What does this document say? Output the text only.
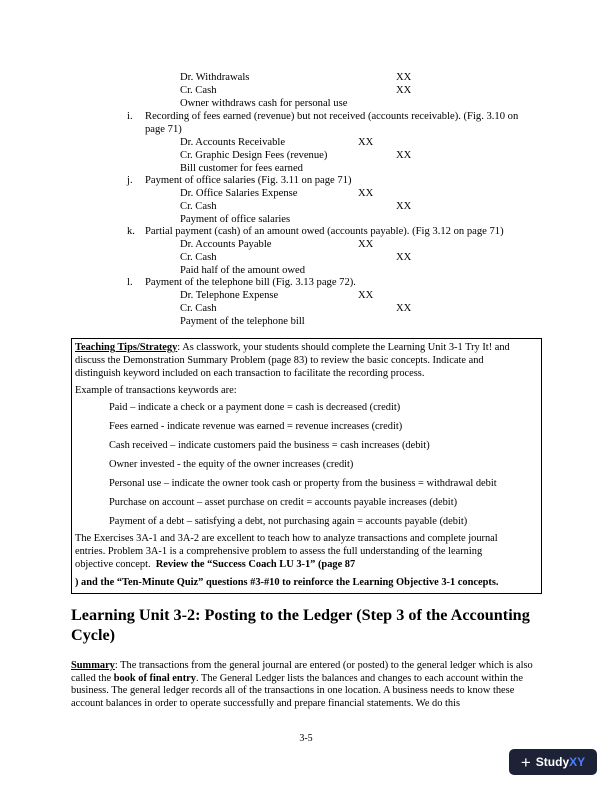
Dr. Withdrawals	XX
Cr. Cash	XX
Owner withdraws cash for personal use
i. Recording of fees earned (revenue) but not received (accounts receivable). (Fig. 3.10 on
page 71)
Dr. Accounts Receivable	XX
Cr. Graphic Design Fees (revenue)	XX
Bill customer for fees earned
j. Payment of office salaries (Fig. 3.11 on page 71)
Dr. Office Salaries Expense	XX
Cr. Cash	XX
Payment of office salaries
k. Partial payment (cash) of an amount owed (accounts payable). (Fig 3.12 on page 71)
Dr. Accounts Payable	XX
Cr. Cash	XX
Paid half of the amount owed
l. Payment of the telephone bill (Fig. 3.13 page 72).
Dr. Telephone Expense	XX
Cr. Cash	XX
Payment of the telephone bill
Teaching Tips/Strategy: As classwork, your students should complete the Learning Unit 3-1 Try It! and
discuss the Demonstration Summary Problem (page 83) to review the basic concepts. Indicate and
distinguish keyword included on each transaction to facilitate the recording process.
Example of transactions keywords are:
Paid – indicate a check or a payment done = cash is decreased (credit)
Fees earned - indicate revenue was earned = revenue increases (credit)
Cash received – indicate customers paid the business = cash increases (debit)
Owner invested - the equity of the owner increases (credit)
Personal use – indicate the owner took cash or property from the business = withdrawal debit
Purchase on account – asset purchase on credit = accounts payable increases (debit)
Payment of a debt – satisfying a debt, not purchasing again = accounts payable (debit)
The Exercises 3A-1 and 3A-2 are excellent to teach how to analyze transactions and complete journal
entries. Problem 3A-1 is a comprehensive problem to assess the full understanding of the learning
objective concept.  Review the “Success Coach LU 3-1” (page 87
) and the “Ten-Minute Quiz” questions #3-#10 to reinforce the Learning Objective 3-1 concepts.
Learning Unit 3-2: Posting to the Ledger (Step 3 of the Accounting Cycle)
Summary: The transactions from the general journal are entered (or posted) to the general ledger which is also called the book of final entry. The General Ledger lists the balances and changes to each account within the business. The general ledger records all of the transactions in one location. A business needs to know these account balances in order to operate successfully and prepare financial statements. We do this
3-5
+ Study XY
